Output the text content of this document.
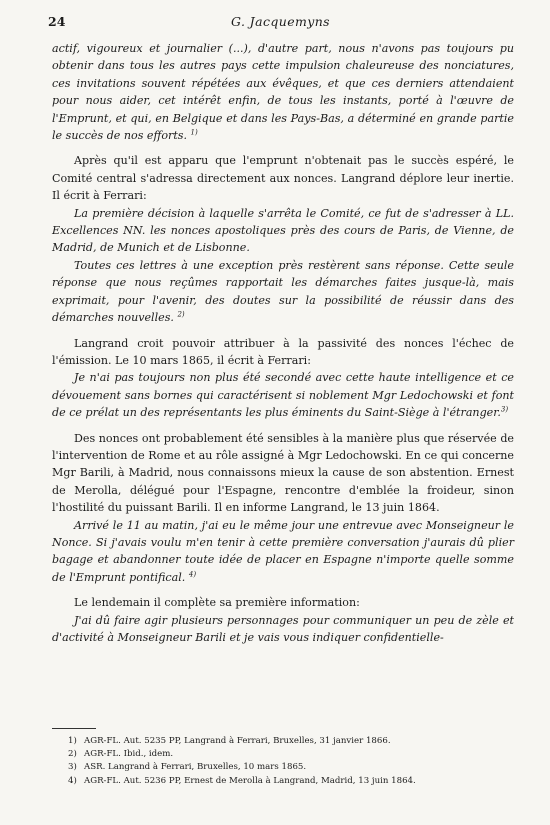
24	G. Jacquemyns

actif, vigoureux et journalier (...), d'autre part, nous n'avons pas toujours pu obtenir dans tous les autres pays cette impulsion chaleureuse des nonciatures, ces invitations souvent répétées aux évêques, et que ces derniers attendaient pour nous aider, cet intérêt enfin, de tous les instants, porté à l'œuvre de l'Emprunt, et qui, en Belgique et dans les Pays-Bas, a déterminé en grande partie le succès de nos efforts. $^{1)}$

Après qu'il est apparu que l'emprunt n'obtenait pas le succès espéré, le Comité central s'adressa directement aux nonces. Langrand déplore leur inertie. Il écrit à Ferrari:

La première décision à laquelle s'arrêta le Comité, ce fut de s'adresser à LL. Excellences NN. les nonces apostoliques près des cours de Paris, de Vienne, de Madrid, de Munich et de Lisbonne.

Toutes ces lettres à une exception près restèrent sans réponse. Cette seule réponse que nous reçûmes rapportait les démarches faites jusque-là, mais exprimait, pour l'avenir, des doutes sur la possibilité de réussir dans des démarches nouvelles. $^{2)}$

Langrand croit pouvoir attribuer à la passivité des nonces l'échec de l'émission. Le 10 mars 1865, il écrit à Ferrari:

Je n'ai pas toujours non plus été secondé avec cette haute intelligence et ce dévouement sans bornes qui caractérisent si noblement Mgr Ledochowski et font de ce prélat un des représentants les plus éminents du Saint-Siège à l'étranger.$^{3)}$

Des nonces ont probablement été sensibles à la manière plus que réservée de l'intervention de Rome et au rôle assigné à Mgr Ledochowski. En ce qui concerne Mgr Barili, à Madrid, nous connaissons mieux la cause de son abstention. Ernest de Merolla, délégué pour l'Espagne, rencontre d'emblée la froideur, sinon l'hostilité du puissant Barili. Il en informe Langrand, le 13 juin 1864.

Arrivé le 11 au matin, j'ai eu le même jour une entrevue avec Monseigneur le Nonce. Si j'avais voulu m'en tenir à cette première conversation j'aurais dû plier bagage et abandonner toute idée de placer en Espagne n'importe quelle somme de l'Emprunt pontifical. $^{4)}$

Le lendemain il complète sa première information:

J'ai dû faire agir plusieurs personnages pour communiquer un peu de zèle et d'activité à Monseigneur Barili et je vais vous indiquer confidentielle-

1) AGR-FL. Aut. 5235 PP, Langrand à Ferrari, Bruxelles, 31 janvier 1866.
2) AGR-FL. Ibid., idem.
3) ASR. Langrand à Ferrari, Bruxelles, 10 mars 1865.
4) AGR-FL. Aut. 5236 PP, Ernest de Merolla à Langrand, Madrid, 13 juin 1864.
